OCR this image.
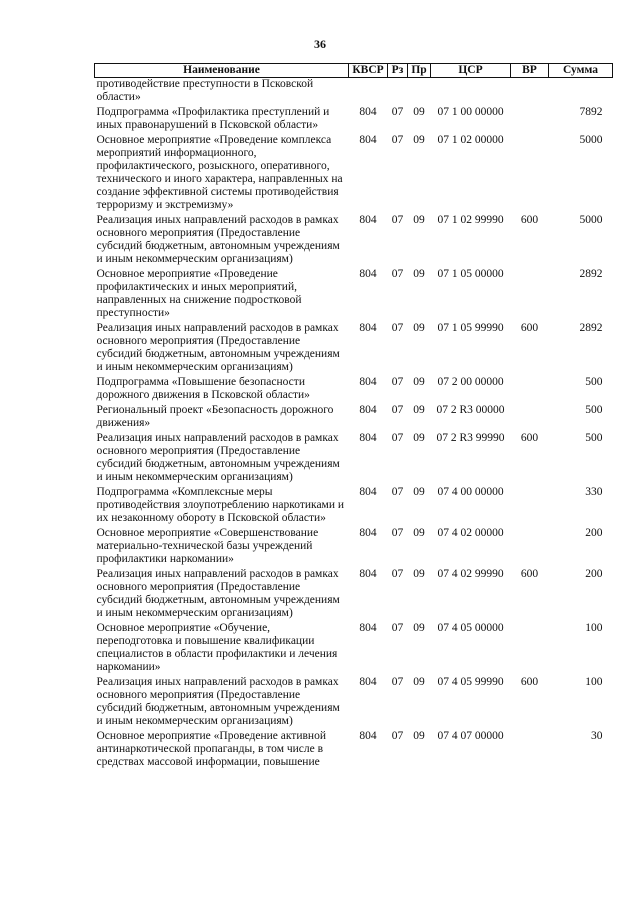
36
Наименование	КВСР	Рз	Пр	ЦСР	ВР	Сумма
противодействие преступности в Псковской области»						
Подпрограмма «Профилактика преступлений и иных правонарушений в Псковской области»	804	07	09	07 1 00 00000		7892
Основное мероприятие «Проведение комплекса мероприятий информационного, профилактического, розыскного, оперативного, технического и иного характера, направленных на создание эффективной системы противодействия терроризму и экстремизму»	804	07	09	07 1 02 00000		5000
Реализация иных направлений расходов в рамках основного мероприятия (Предоставление субсидий бюджетным, автономным учреждениям и иным некоммерческим организациям)	804	07	09	07 1 02 99990	600	5000
Основное мероприятие «Проведение профилактических и иных мероприятий, направленных на снижение подростковой преступности»	804	07	09	07 1 05 00000		2892
Реализация иных направлений расходов в рамках основного мероприятия (Предоставление субсидий бюджетным, автономным учреждениям и иным некоммерческим организациям)	804	07	09	07 1 05 99990	600	2892
Подпрограмма «Повышение безопасности дорожного движения в Псковской области»	804	07	09	07 2 00 00000		500
Региональный проект «Безопасность дорожного движения»	804	07	09	07 2 R3 00000		500
Реализация иных направлений расходов в рамках основного мероприятия (Предоставление субсидий бюджетным, автономным учреждениям и иным некоммерческим организациям)	804	07	09	07 2 R3 99990	600	500
Подпрограмма «Комплексные меры противодействия злоупотреблению наркотиками и их незаконному обороту в Псковской области»	804	07	09	07 4 00 00000		330
Основное мероприятие «Совершенствование материально-технической базы учреждений профилактики наркомании»	804	07	09	07 4 02 00000		200
Реализация иных направлений расходов в рамках основного мероприятия (Предоставление субсидий бюджетным, автономным учреждениям и иным некоммерческим организациям)	804	07	09	07 4 02 99990	600	200
Основное мероприятие «Обучение, переподготовка и повышение квалификации специалистов в области профилактики и лечения наркомании»	804	07	09	07 4 05 00000		100
Реализация иных направлений расходов в рамках основного мероприятия (Предоставление субсидий бюджетным, автономным учреждениям и иным некоммерческим организациям)	804	07	09	07 4 05 99990	600	100
Основное мероприятие «Проведение активной антинаркотической пропаганды, в том числе в средствах массовой информации, повышение	804	07	09	07 4 07 00000		30
